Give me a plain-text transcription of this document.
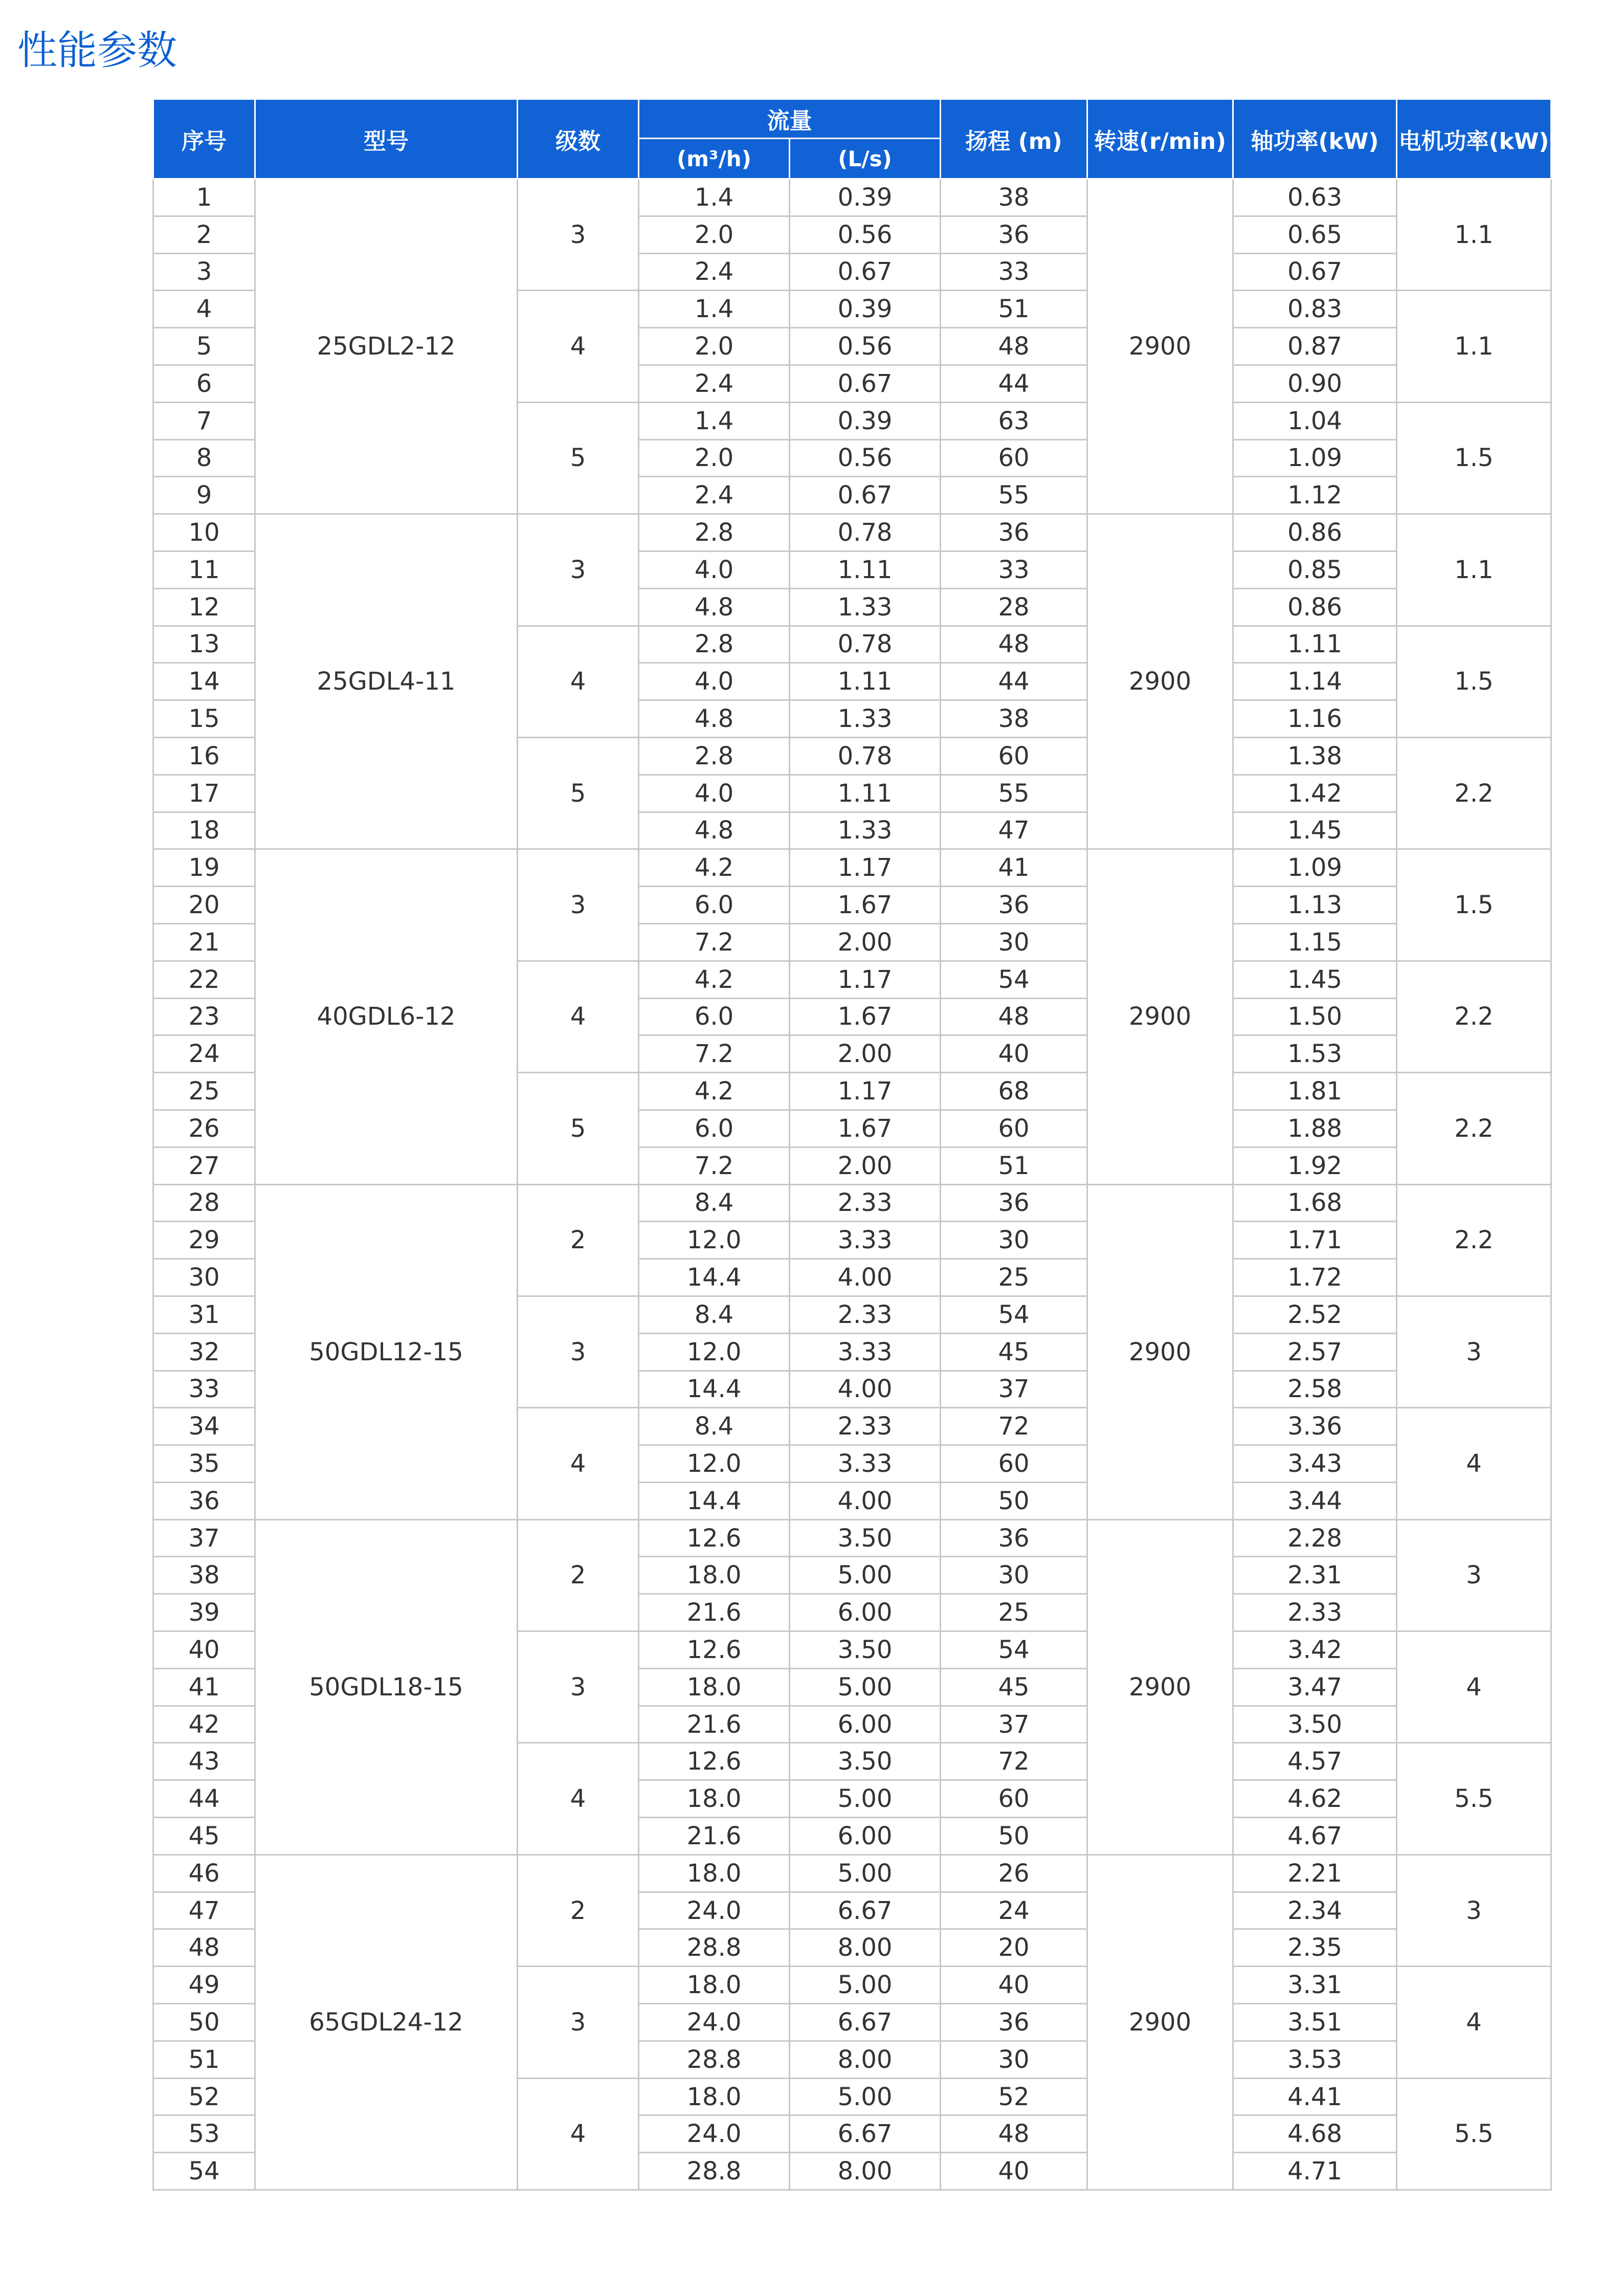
性能参数
序号	型号	级数	流量		扬程 (m)	转速(r/min)	轴功率(kW)	电机功率(kW)
			(m³/h)	(L/s)				
1	25GDL2-12	3	1.4	0.39	38	2900	0.63	1.1
2			2.0	0.56	36		0.65	
3			2.4	0.67	33		0.67	
4		4	1.4	0.39	51		0.83	1.1
5			2.0	0.56	48		0.87	
6			2.4	0.67	44		0.90	
7		5	1.4	0.39	63		1.04	1.5
8			2.0	0.56	60		1.09	
9			2.4	0.67	55		1.12	
10	25GDL4-11	3	2.8	0.78	36	2900	0.86	1.1
11			4.0	1.11	33		0.85	
12			4.8	1.33	28		0.86	
13		4	2.8	0.78	48		1.11	1.5
14			4.0	1.11	44		1.14	
15			4.8	1.33	38		1.16	
16		5	2.8	0.78	60		1.38	2.2
17			4.0	1.11	55		1.42	
18			4.8	1.33	47		1.45	
19	40GDL6-12	3	4.2	1.17	41	2900	1.09	1.5
20			6.0	1.67	36		1.13	
21			7.2	2.00	30		1.15	
22		4	4.2	1.17	54		1.45	2.2
23			6.0	1.67	48		1.50	
24			7.2	2.00	40		1.53	
25		5	4.2	1.17	68		1.81	2.2
26			6.0	1.67	60		1.88	
27			7.2	2.00	51		1.92	
28	50GDL12-15	2	8.4	2.33	36	2900	1.68	2.2
29			12.0	3.33	30		1.71	
30			14.4	4.00	25		1.72	
31		3	8.4	2.33	54		2.52	3
32			12.0	3.33	45		2.57	
33			14.4	4.00	37		2.58	
34		4	8.4	2.33	72		3.36	4
35			12.0	3.33	60		3.43	
36			14.4	4.00	50		3.44	
37	50GDL18-15	2	12.6	3.50	36	2900	2.28	3
38			18.0	5.00	30		2.31	
39			21.6	6.00	25		2.33	
40		3	12.6	3.50	54		3.42	4
41			18.0	5.00	45		3.47	
42			21.6	6.00	37		3.50	
43		4	12.6	3.50	72		4.57	5.5
44			18.0	5.00	60		4.62	
45			21.6	6.00	50		4.67	
46	65GDL24-12	2	18.0	5.00	26	2900	2.21	3
47			24.0	6.67	24		2.34	
48			28.8	8.00	20		2.35	
49		3	18.0	5.00	40		3.31	4
50			24.0	6.67	36		3.51	
51			28.8	8.00	30		3.53	
52		4	18.0	5.00	52		4.41	5.5
53			24.0	6.67	48		4.68	
54			28.8	8.00	40		4.71	
